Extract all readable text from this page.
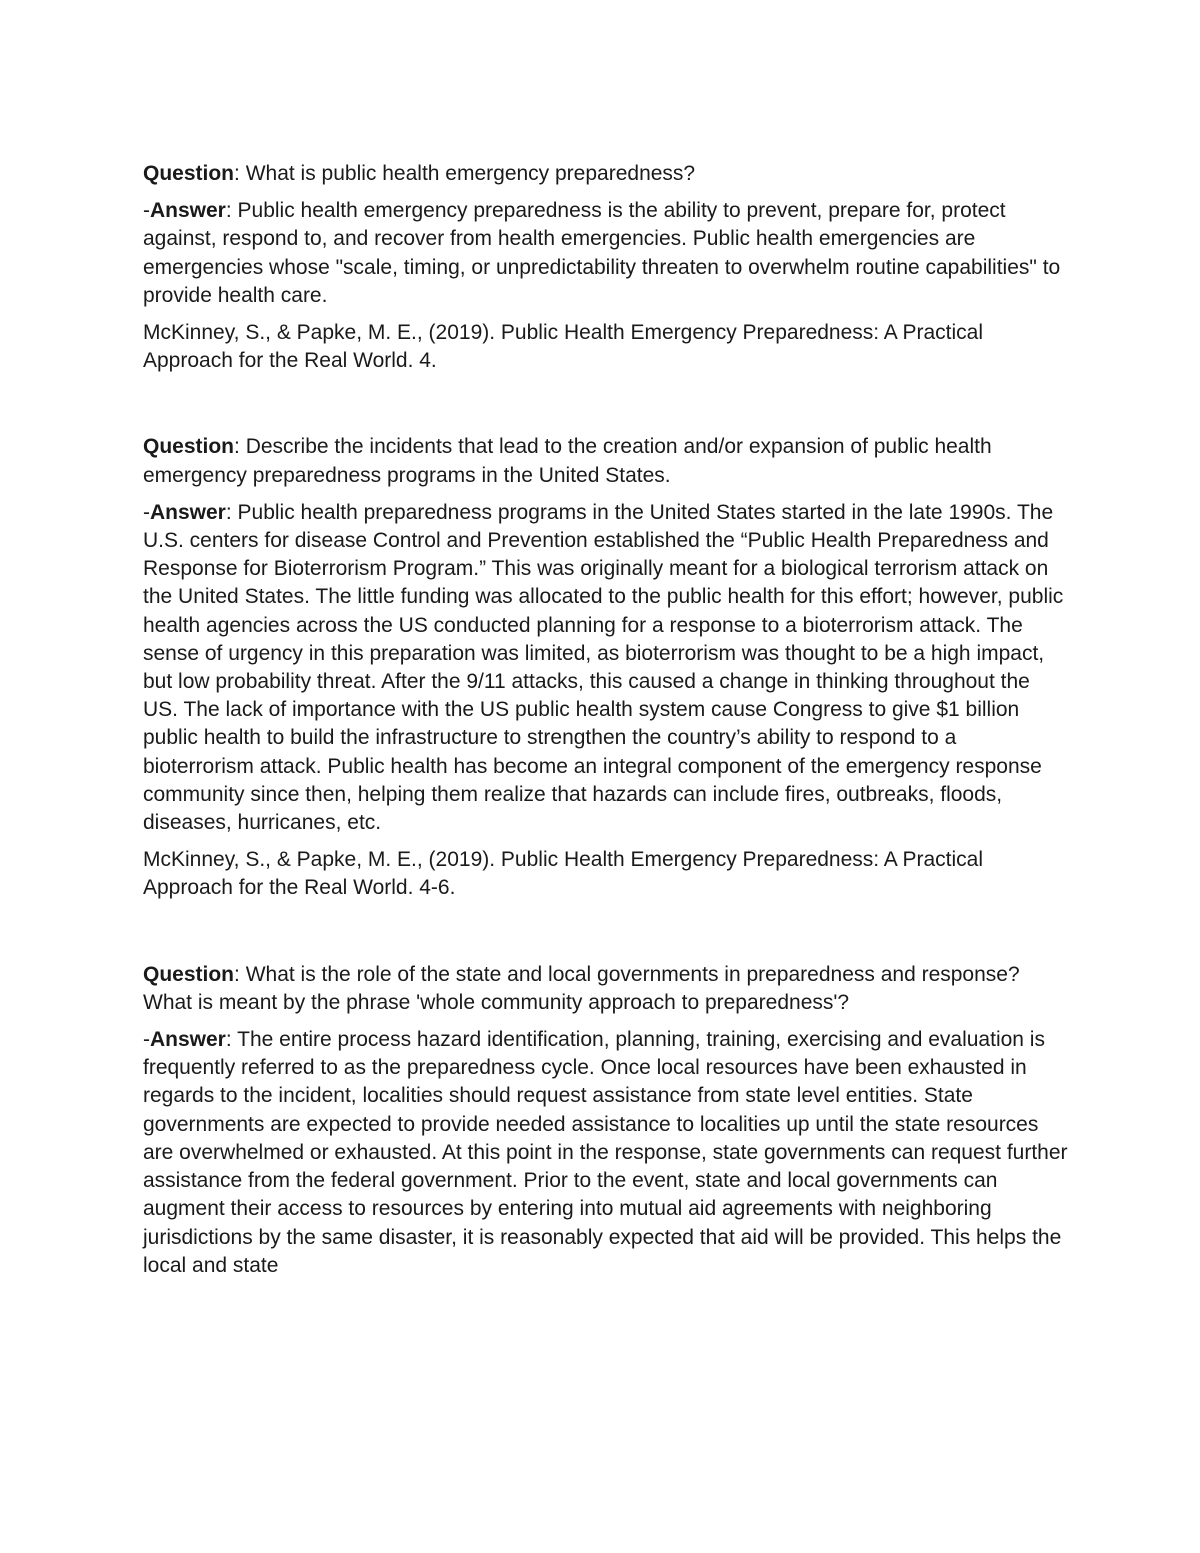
Question: What is public health emergency preparedness?

-Answer: Public health emergency preparedness is the ability to prevent, prepare for, protect against, respond to, and recover from health emergencies. Public health emergencies are emergencies whose "scale, timing, or unpredictability threaten to overwhelm routine capabilities" to provide health care.

McKinney, S., & Papke, M. E., (2019). Public Health Emergency Preparedness: A Practical Approach for the Real World. 4.

Question: Describe the incidents that lead to the creation and/or expansion of public health emergency preparedness programs in the United States.

-Answer: Public health preparedness programs in the United States started in the late 1990s. The U.S. centers for disease Control and Prevention established the “Public Health Preparedness and Response for Bioterrorism Program.” This was originally meant for a biological terrorism attack on the United States. The little funding was allocated to the public health for this effort; however, public health agencies across the US conducted planning for a response to a bioterrorism attack. The sense of urgency in this preparation was limited, as bioterrorism was thought to be a high impact, but low probability threat. After the 9/11 attacks, this caused a change in thinking throughout the US. The lack of importance with the US public health system cause Congress to give $1 billion public health to build the infrastructure to strengthen the country’s ability to respond to a bioterrorism attack. Public health has become an integral component of the emergency response community since then, helping them realize that hazards can include fires, outbreaks, floods, diseases, hurricanes, etc.

McKinney, S., & Papke, M. E., (2019). Public Health Emergency Preparedness: A Practical Approach for the Real World. 4-6.

Question: What is the role of the state and local governments in preparedness and response? What is meant by the phrase 'whole community approach to preparedness'?

-Answer: The entire process hazard identification, planning, training, exercising and evaluation is frequently referred to as the preparedness cycle. Once local resources have been exhausted in regards to the incident, localities should request assistance from state level entities. State governments are expected to provide needed assistance to localities up until the state resources are overwhelmed or exhausted. At this point in the response, state governments can request further assistance from the federal government. Prior to the event, state and local governments can augment their access to resources by entering into mutual aid agreements with neighboring jurisdictions by the same disaster, it is reasonably expected that aid will be provided. This helps the local and state
